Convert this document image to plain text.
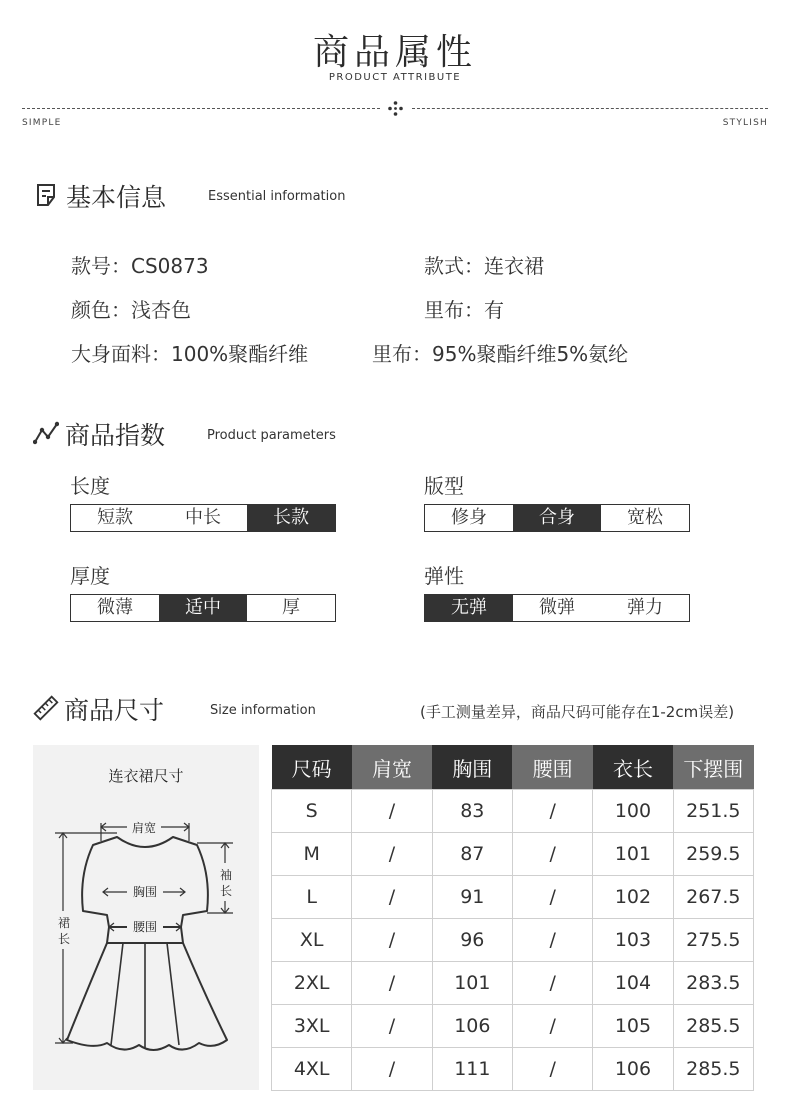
商品属性
PRODUCT ATTRIBUTE
SIMPLE	STYLISH
基本信息	Essential information
款号：CS0873	款式：连衣裙
颜色：浅杏色	里布：有
大身面料：100%聚酯纤维	里布：95%聚酯纤维5%氨纶
商品指数	Product parameters
长度
短款	中长	长款
版型
修身	合身	宽松
厚度
微薄	适中	厚
弹性
无弹	微弹	弹力
商品尺寸	Size information	(手工测量差异，商品尺码可能存在1-2cm误差)
连衣裙尺寸
肩宽
胸围
腰围
袖
长
裙
长
尺码	肩宽	胸围	腰围	衣长	下摆围
S	/	83	/	100	251.5
M	/	87	/	101	259.5
L	/	91	/	102	267.5
XL	/	96	/	103	275.5
2XL	/	101	/	104	283.5
3XL	/	106	/	105	285.5
4XL	/	111	/	106	285.5
